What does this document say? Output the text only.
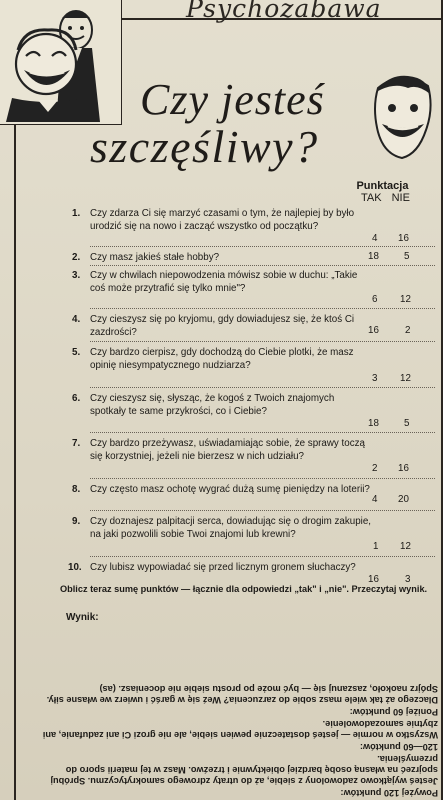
Psychozabawa
Czy jesteś
szczęśliwy?
Punktacja
TAK NIE
1.	Czy zdarza Ci się marzyć czasami o tym, że najlepiej by było urodzić się na nowo i zacząć wszystko od początku?
4 16
2.	Czy masz jakieś stałe hobby?	18	5
3.	Czy w chwilach niepowodzenia mówisz sobie w duchu: „Takie coś może przytrafić się tylko mnie"?
6 12
4.	Czy cieszysz się po kryjomu, gdy dowiadujesz się, że ktoś Ci zazdrości?	16	2
5.	Czy bardzo cierpisz, gdy dochodzą do Ciebie plotki, że masz opinię niesympatycznego nudziarza?
3 12
6.	Czy cieszysz się, słysząc, że kogoś z Twoich znajomych spotkały te same przykrości, co i Ciebie?
18	5
7.	Czy bardzo przeżywasz, uświadamiając sobie, że sprawy toczą się korzystniej, jeżeli nie bierzesz w nich udziału?
2 16
8.	Czy często masz ochotę wygrać dużą sumę pieniędzy na loterii?
4 20
9.	Czy doznajesz palpitacji serca, dowiadując się o drogim zakupie, na jaki pozwolili sobie Twoi znajomi lub krewni?
1 12
10. Czy lubisz wypowiadać się przed licznym gronem słuchaczy?
16	3
Oblicz teraz sumę punktów — łącznie dla odpowiedzi „tak" i „nie". Przeczytaj wynik.
Wynik:

Powyżej 120 punktów:

Jesteś wyjątkowo zadowolony z siebie, aż do utraty zdrowego samokrytycyzmu. Spróbuj spojrzeć na własną osobę bardziej obiektywnie i trzeźwo. Masz w tej materii sporo do przemyślenia.

120—60 punktów:

Wszystko w normie — jesteś dostatecznie pewien siebie, ale nie grozi Ci ani zadufanie, ani zbytnie samozadowolenie.

Poniżej 60 punktów:

Dlaczego aż tak wiele masz sobie do zarzucenia? Weź się w garść i uwierz we własne siły. Spójrz naokoło, zaszanuj się — być może po prostu siebie nie doceniasz. (as)
